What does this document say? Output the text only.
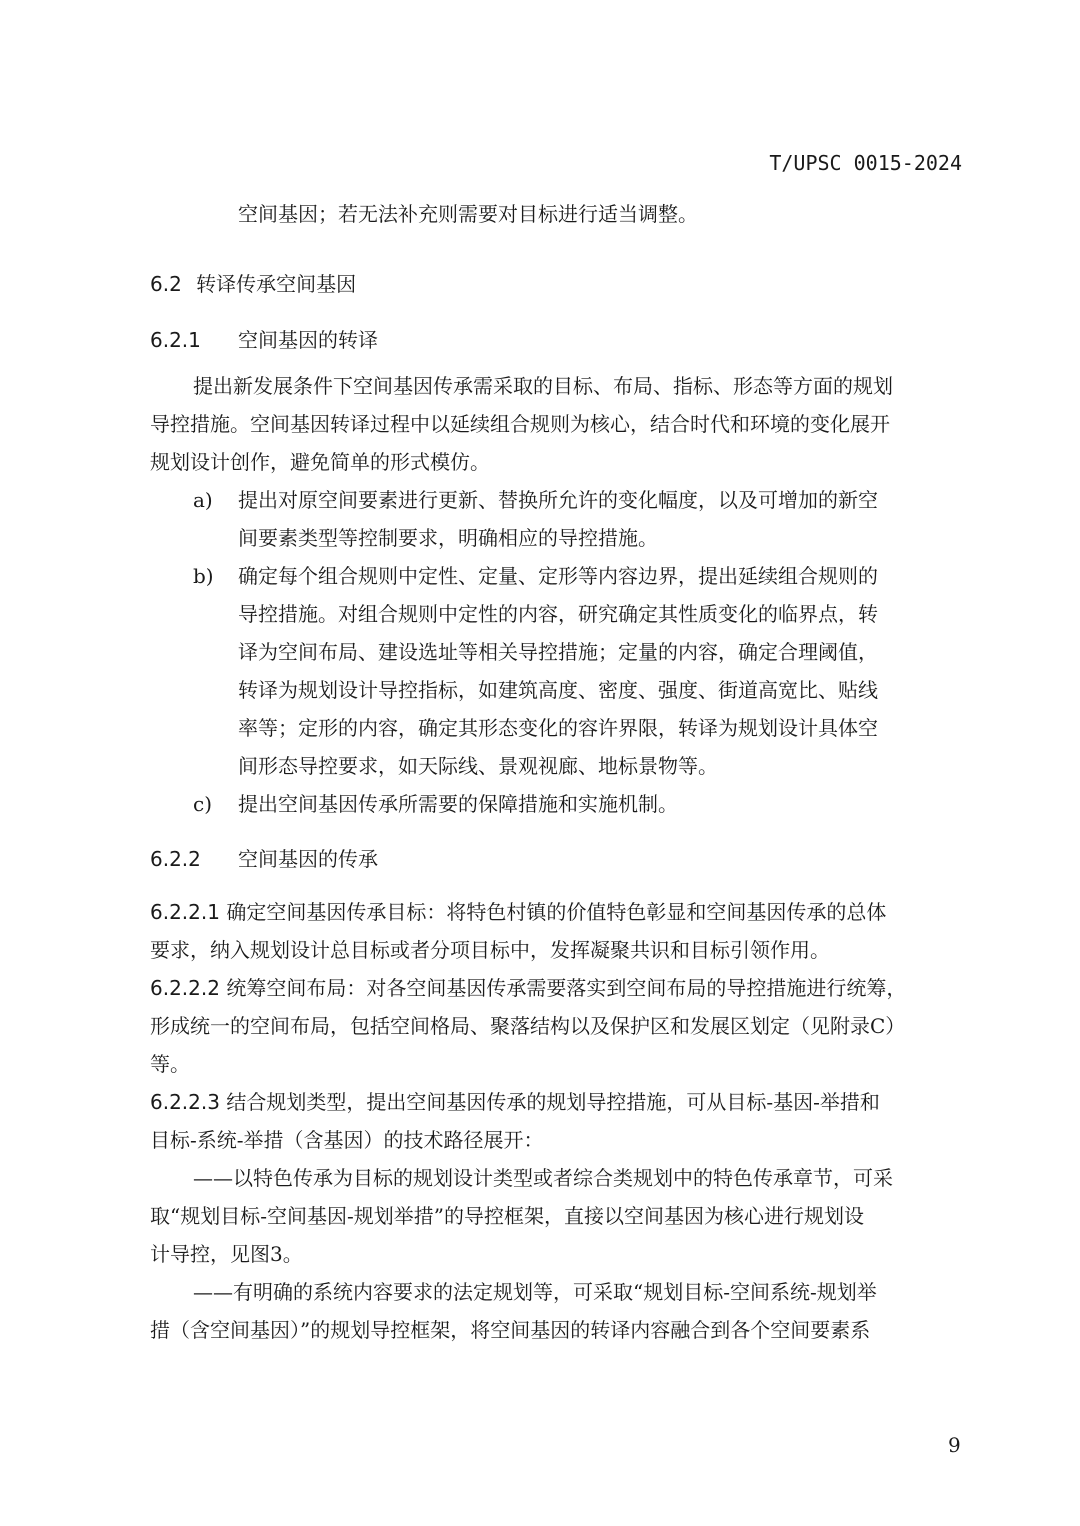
T/UPSC 0015-2024
空间基因；若无法补充则需要对目标进行适当调整。
6.2 转译传承空间基因
6.2.1 空间基因的转译
提出新发展条件下空间基因传承需采取的目标、布局、指标、形态等方面的规划
导控措施。空间基因转译过程中以延续组合规则为核心，结合时代和环境的变化展开
规划设计创作，避免简单的形式模仿。
a) 提出对原空间要素进行更新、替换所允许的变化幅度，以及可增加的新空
间要素类型等控制要求，明确相应的导控措施。
b) 确定每个组合规则中定性、定量、定形等内容边界，提出延续组合规则的
导控措施。对组合规则中定性的内容，研究确定其性质变化的临界点，转
译为空间布局、建设选址等相关导控措施；定量的内容，确定合理阈值，
转译为规划设计导控指标，如建筑高度、密度、强度、街道高宽比、贴线
率等；定形的内容，确定其形态变化的容许界限，转译为规划设计具体空
间形态导控要求，如天际线、景观视廊、地标景物等。
c) 提出空间基因传承所需要的保障措施和实施机制。
6.2.2 空间基因的传承
6.2.2.1 确定空间基因传承目标：将特色村镇的价值特色彰显和空间基因传承的总体
要求，纳入规划设计总目标或者分项目标中，发挥凝聚共识和目标引领作用。
6.2.2.2 统筹空间布局：对各空间基因传承需要落实到空间布局的导控措施进行统筹，
形成统一的空间布局，包括空间格局、聚落结构以及保护区和发展区划定（见附录C）
等。
6.2.2.3 结合规划类型，提出空间基因传承的规划导控措施，可从目标-基因-举措和
目标-系统-举措（含基因）的技术路径展开：
——以特色传承为目标的规划设计类型或者综合类规划中的特色传承章节，可采
取“规划目标-空间基因-规划举措”的导控框架，直接以空间基因为核心进行规划设
计导控，见图3。
——有明确的系统内容要求的法定规划等，可采取“规划目标-空间系统-规划举
措（含空间基因）”的规划导控框架，将空间基因的转译内容融合到各个空间要素系
9
